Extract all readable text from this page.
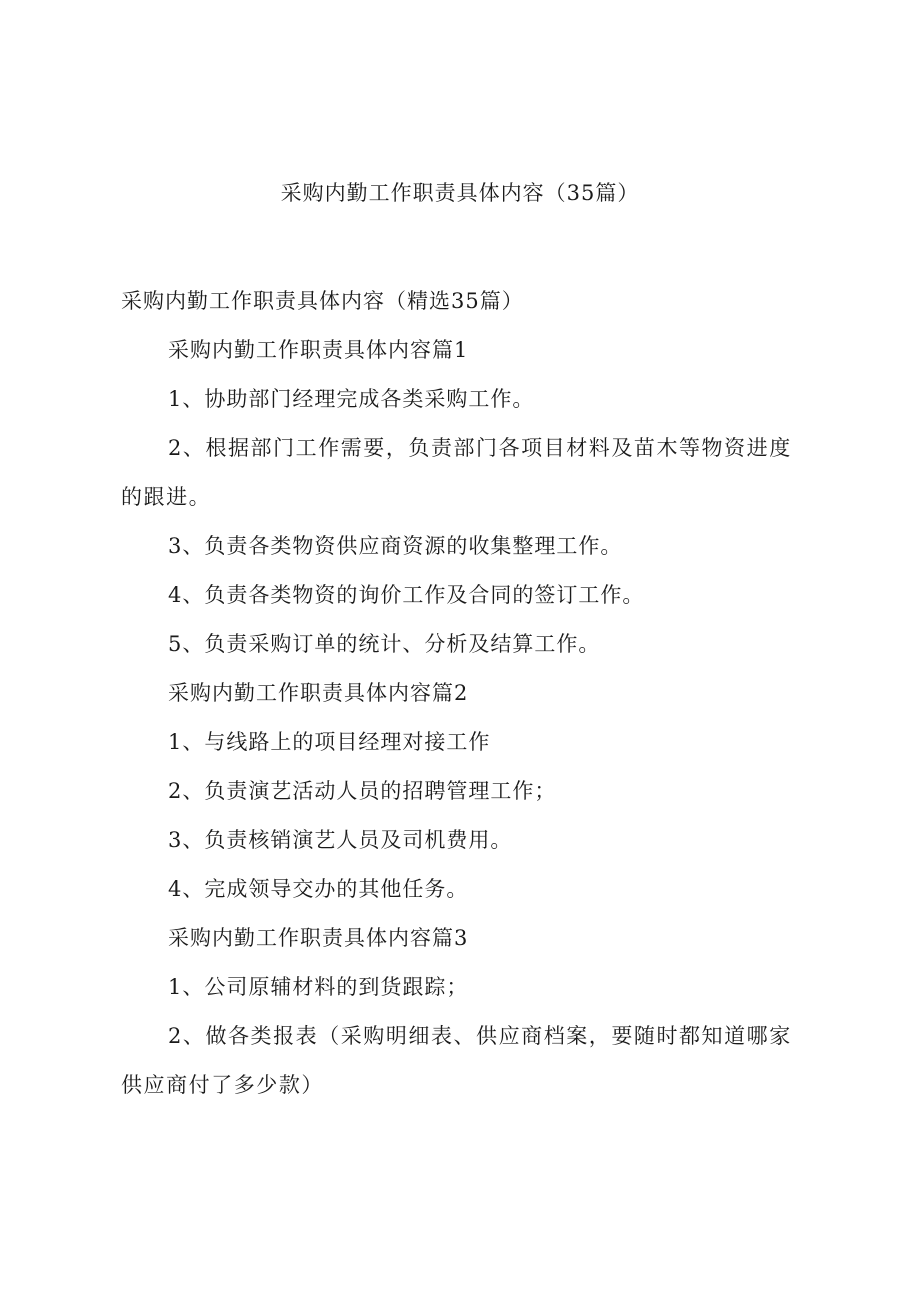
采购内勤工作职责具体内容（35篇）

采购内勤工作职责具体内容（精选35篇）

采购内勤工作职责具体内容篇1

1、协助部门经理完成各类采购工作。

2、根据部门工作需要，负责部门各项目材料及苗木等物资进度的跟进。

3、负责各类物资供应商资源的收集整理工作。

4、负责各类物资的询价工作及合同的签订工作。

5、负责采购订单的统计、分析及结算工作。

采购内勤工作职责具体内容篇2

1、与线路上的项目经理对接工作

2、负责演艺活动人员的招聘管理工作；

3、负责核销演艺人员及司机费用。

4、完成领导交办的其他任务。

采购内勤工作职责具体内容篇3

1、公司原辅材料的到货跟踪；

2、做各类报表（采购明细表、供应商档案，要随时都知道哪家供应商付了多少款）
